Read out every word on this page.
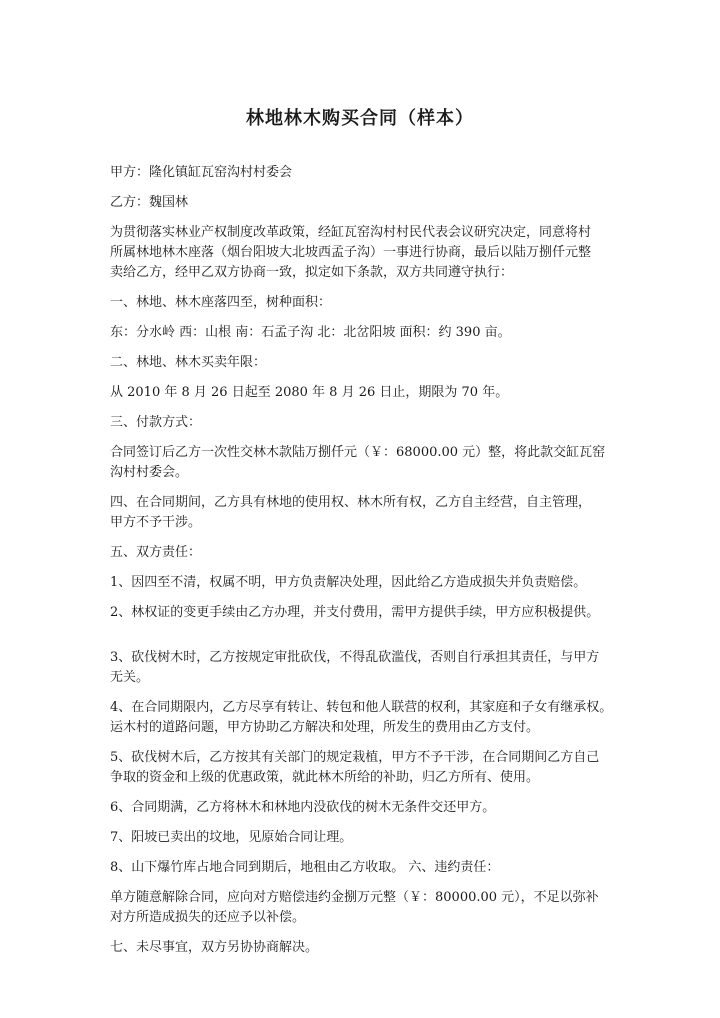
林地林木购买合同（样本）
甲方：隆化镇缸瓦窑沟村村委会
乙方：魏国林
为贯彻落实林业产权制度改革政策，经缸瓦窑沟村村民代表会议研究决定，同意将村
所属林地林木座落（烟台阳坡大北坡西孟子沟）一事进行协商，最后以陆万捌仟元整
卖给乙方，经甲乙双方协商一致，拟定如下条款，双方共同遵守执行：
一、林地、林木座落四至，树种面积：
东：分水岭 西：山根 南：石孟子沟 北：北岔阳坡 面积：约 390 亩。
二、林地、林木买卖年限：
从 2010 年 8 月 26 日起至 2080 年 8 月 26 日止，期限为 70 年。
三、付款方式：
合同签订后乙方一次性交林木款陆万捌仟元（￥：68000.00 元）整，将此款交缸瓦窑
沟村村委会。
四、在合同期间，乙方具有林地的使用权、林木所有权，乙方自主经营，自主管理，
甲方不予干涉。
五、双方责任：
1、因四至不清，权属不明，甲方负责解决处理，因此给乙方造成损失并负责赔偿。
2、林权证的变更手续由乙方办理，并支付费用，需甲方提供手续，甲方应积极提供。
3、砍伐树木时，乙方按规定审批砍伐，不得乱砍滥伐，否则自行承担其责任，与甲方
无关。
4、在合同期限内，乙方尽享有转让、转包和他人联营的权利，其家庭和子女有继承权。
运木村的道路问题，甲方协助乙方解决和处理，所发生的费用由乙方支付。
5、砍伐树木后，乙方按其有关部门的规定栽植，甲方不予干涉，在合同期间乙方自己
争取的资金和上级的优惠政策，就此林木所给的补助，归乙方所有、使用。
6、合同期满，乙方将林木和林地内没砍伐的树木无条件交还甲方。
7、阳坡已卖出的坟地，见原始合同让理。
8、山下爆竹库占地合同到期后，地租由乙方收取。 六、违约责任：
单方随意解除合同，应向对方赔偿违约金捌万元整（￥：80000.00 元），不足以弥补
对方所造成损失的还应予以补偿。
七、未尽事宜，双方另协协商解决。
